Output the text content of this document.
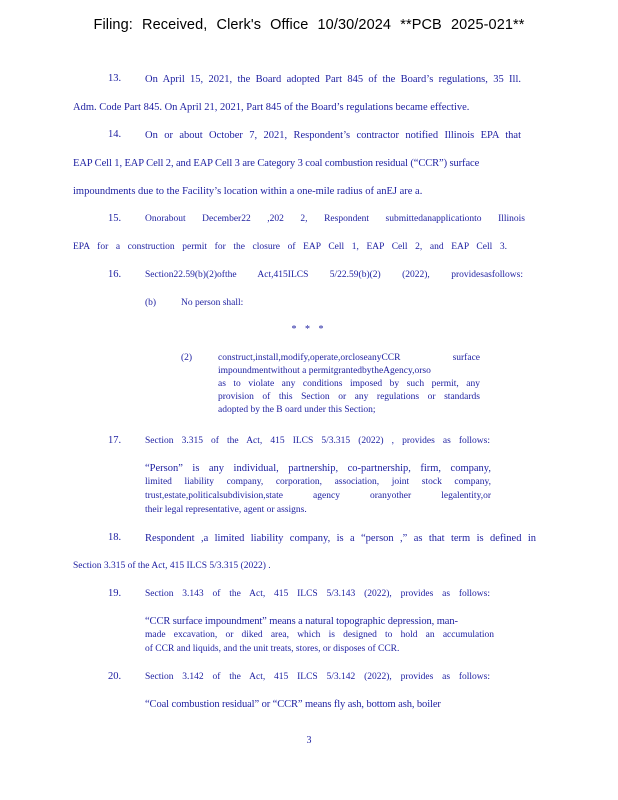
Filing: Received, Clerk's Office 10/30/2024 **PCB 2025-021**
13. On April 15, 2021, the Board adopted Part 845 of the Board’s regulations, 35 Ill.
Adm. Code Part 845. On April 21, 2021, Part 845 of the Board’s regulations became effective.
14. On or about October 7, 2021, Respondent’s contractor notified Illinois EPA that
EAP Cell 1, EAP Cell 2, and EAP Cell 3 are Category 3 coal combustion residual (“CCR”) surface
impoundments due to the Facility’s location within a one-mile radius of anEJ are a.
15.	Onorabout December22 ,202 2, Respondent submittedanapplicationto Illinois
EPA for a construction permit for the closure of EAP Cell 1, EAP Cell 2, and EAP Cell 3.
16.	Section22.59(b)(2)ofthe Act,415ILCS 5/22.59(b)(2) (2022), providesasfollows:
(b)	No person shall:
* * *
(2)	construct,install,modify,operate,orcloseanyCCR surface
impoundmentwithout a permitgrantedbytheAgency,orso
as to violate any conditions imposed by such permit, any
provision of this Section or any regulations or standards
adopted by the B oard under this Section;
17.	Section 3.315 of the Act, 415 ILCS 5/3.315 (2022) , provides as follows:
“Person” is any individual, partnership, co-partnership, firm, company,
limited liability company, corporation, association, joint stock company,
trust,estate,politicalsubdivision,state agency oranyother legalentity,or
their legal representative, agent or assigns.
18. Respondent ,a limited liability company, is a “person ,” as that term is defined in
Section 3.315 of the Act, 415 ILCS 5/3.315 (2022) .
19.	Section 3.143 of the Act, 415 ILCS 5/3.143 (2022), provides as follows:
“CCR surface impoundment” means a natural topographic depression, man-
made excavation, or diked area, which is designed to hold an accumulation
of CCR and liquids, and the unit treats, stores, or disposes of CCR.
20.	Section 3.142 of the Act, 415 ILCS 5/3.142 (2022), provides as follows:
“Coal combustion residual” or “CCR” means fly ash, bottom ash, boiler
3
